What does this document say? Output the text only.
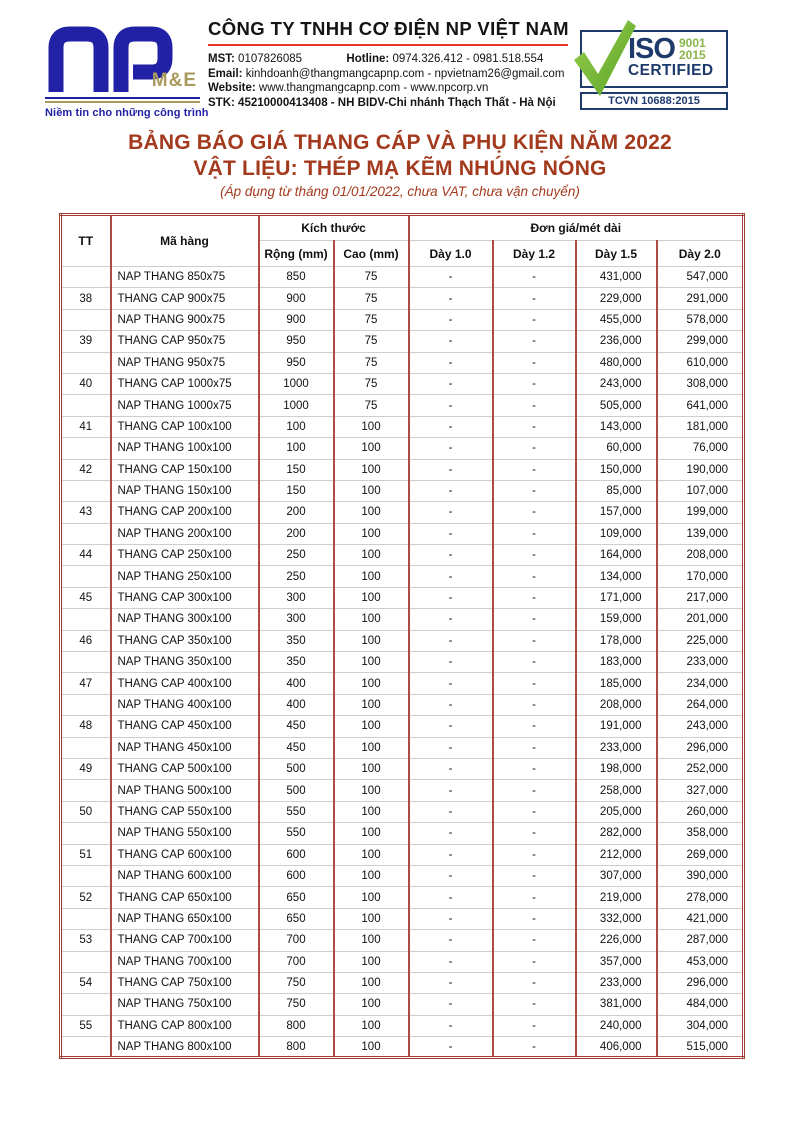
M&E
Niềm tin cho những công trình
CÔNG TY TNHH CƠ ĐIỆN NP VIỆT NAM
MST: 0107826085	Hotline: 0974.326.412 - 0981.518.554
Email: kinhdoanh@thangmangcapnp.com - npvietnam26@gmail.com
Website: www.thangmangcapnp.com - www.npcorp.vn
STK: 45210000413408 - NH BIDV-Chi nhánh Thạch Thất - Hà Nội
ISO 9001
2015
CERTIFIED
TCVN 10688:2015
BẢNG BÁO GIÁ THANG CÁP VÀ PHỤ KIỆN NĂM 2022
VẬT LIỆU: THÉP MẠ KẼM NHÚNG NÓNG
(Áp dụng từ tháng 01/01/2022, chưa VAT, chưa vận chuyển)
TT	Mã hàng	Kích thước		Đơn giá/mét dài			
		Rộng (mm)	Cao (mm)	Dày 1.0	Dày 1.2	Dày 1.5	Dày 2.0
	NAP THANG 850x75	850	75	-	-	431,000	547,000
38	THANG CAP 900x75	900	75	-	-	229,000	291,000
	NAP THANG 900x75	900	75	-	-	455,000	578,000
39	THANG CAP 950x75	950	75	-	-	236,000	299,000
	NAP THANG 950x75	950	75	-	-	480,000	610,000
40	THANG CAP 1000x75	1000	75	-	-	243,000	308,000
	NAP THANG 1000x75	1000	75	-	-	505,000	641,000
41	THANG CAP 100x100	100	100	-	-	143,000	181,000
	NAP THANG 100x100	100	100	-	-	60,000	76,000
42	THANG CAP 150x100	150	100	-	-	150,000	190,000
	NAP THANG 150x100	150	100	-	-	85,000	107,000
43	THANG CAP 200x100	200	100	-	-	157,000	199,000
	NAP THANG 200x100	200	100	-	-	109,000	139,000
44	THANG CAP 250x100	250	100	-	-	164,000	208,000
	NAP THANG 250x100	250	100	-	-	134,000	170,000
45	THANG CAP 300x100	300	100	-	-	171,000	217,000
	NAP THANG 300x100	300	100	-	-	159,000	201,000
46	THANG CAP 350x100	350	100	-	-	178,000	225,000
	NAP THANG 350x100	350	100	-	-	183,000	233,000
47	THANG CAP 400x100	400	100	-	-	185,000	234,000
	NAP THANG 400x100	400	100	-	-	208,000	264,000
48	THANG CAP 450x100	450	100	-	-	191,000	243,000
	NAP THANG 450x100	450	100	-	-	233,000	296,000
49	THANG CAP 500x100	500	100	-	-	198,000	252,000
	NAP THANG 500x100	500	100	-	-	258,000	327,000
50	THANG CAP 550x100	550	100	-	-	205,000	260,000
	NAP THANG 550x100	550	100	-	-	282,000	358,000
51	THANG CAP 600x100	600	100	-	-	212,000	269,000
	NAP THANG 600x100	600	100	-	-	307,000	390,000
52	THANG CAP 650x100	650	100	-	-	219,000	278,000
	NAP THANG 650x100	650	100	-	-	332,000	421,000
53	THANG CAP 700x100	700	100	-	-	226,000	287,000
	NAP THANG 700x100	700	100	-	-	357,000	453,000
54	THANG CAP 750x100	750	100	-	-	233,000	296,000
	NAP THANG 750x100	750	100	-	-	381,000	484,000
55	THANG CAP 800x100	800	100	-	-	240,000	304,000
	NAP THANG 800x100	800	100	-	-	406,000	515,000
